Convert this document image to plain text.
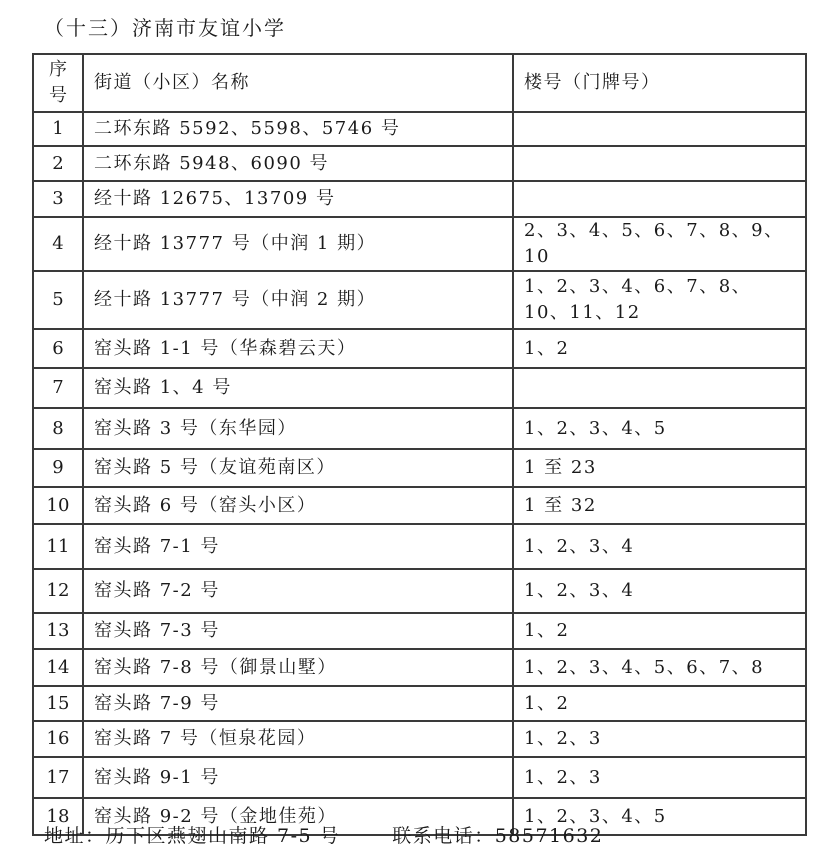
（十三）济南市友谊小学
序
号	街道（小区）名称	楼号（门牌号）
1	二环东路 5592、5598、5746 号	
2	二环东路 5948、6090 号	
3	经十路 12675、13709 号	
4	经十路 13777 号（中润 1 期）	2、3、4、5、6、7、8、9、10
5	经十路 13777 号（中润 2 期）	1、2、3、4、6、7、8、10、11、12
6	窑头路 1-1 号（华森碧云天）	1、2
7	窑头路 1、4 号	
8	窑头路 3 号（东华园）	1、2、3、4、5
9	窑头路 5 号（友谊苑南区）	1 至 23
10	窑头路 6 号（窑头小区）	1 至 32
11	窑头路 7-1 号	1、2、3、4
12	窑头路 7-2 号	1、2、3、4
13	窑头路 7-3 号	1、2
14	窑头路 7-8 号（御景山墅）	1、2、3、4、5、6、7、8
15	窑头路 7-9 号	1、2
16	窑头路 7 号（恒泉花园）	1、2、3
17	窑头路 9-1 号	1、2、3
18	窑头路 9-2 号（金地佳苑）	1、2、3、4、5
地址：历下区燕翅山南路 7-5 号	联系电话：58571632
